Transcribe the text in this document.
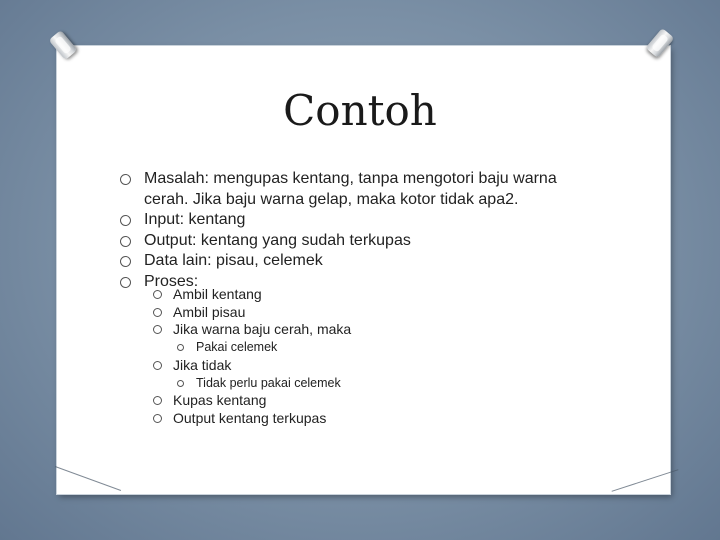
Contoh
Masalah: mengupas kentang, tanpa mengotori baju warna
cerah. Jika baju warna gelap, maka kotor tidak apa2.
Input: kentang
Output: kentang yang sudah terkupas
Data lain: pisau, celemek
Proses:
Ambil kentang
Ambil pisau
Jika warna baju cerah, maka
Pakai celemek
Jika tidak
Tidak perlu pakai celemek
Kupas kentang
Output kentang terkupas
